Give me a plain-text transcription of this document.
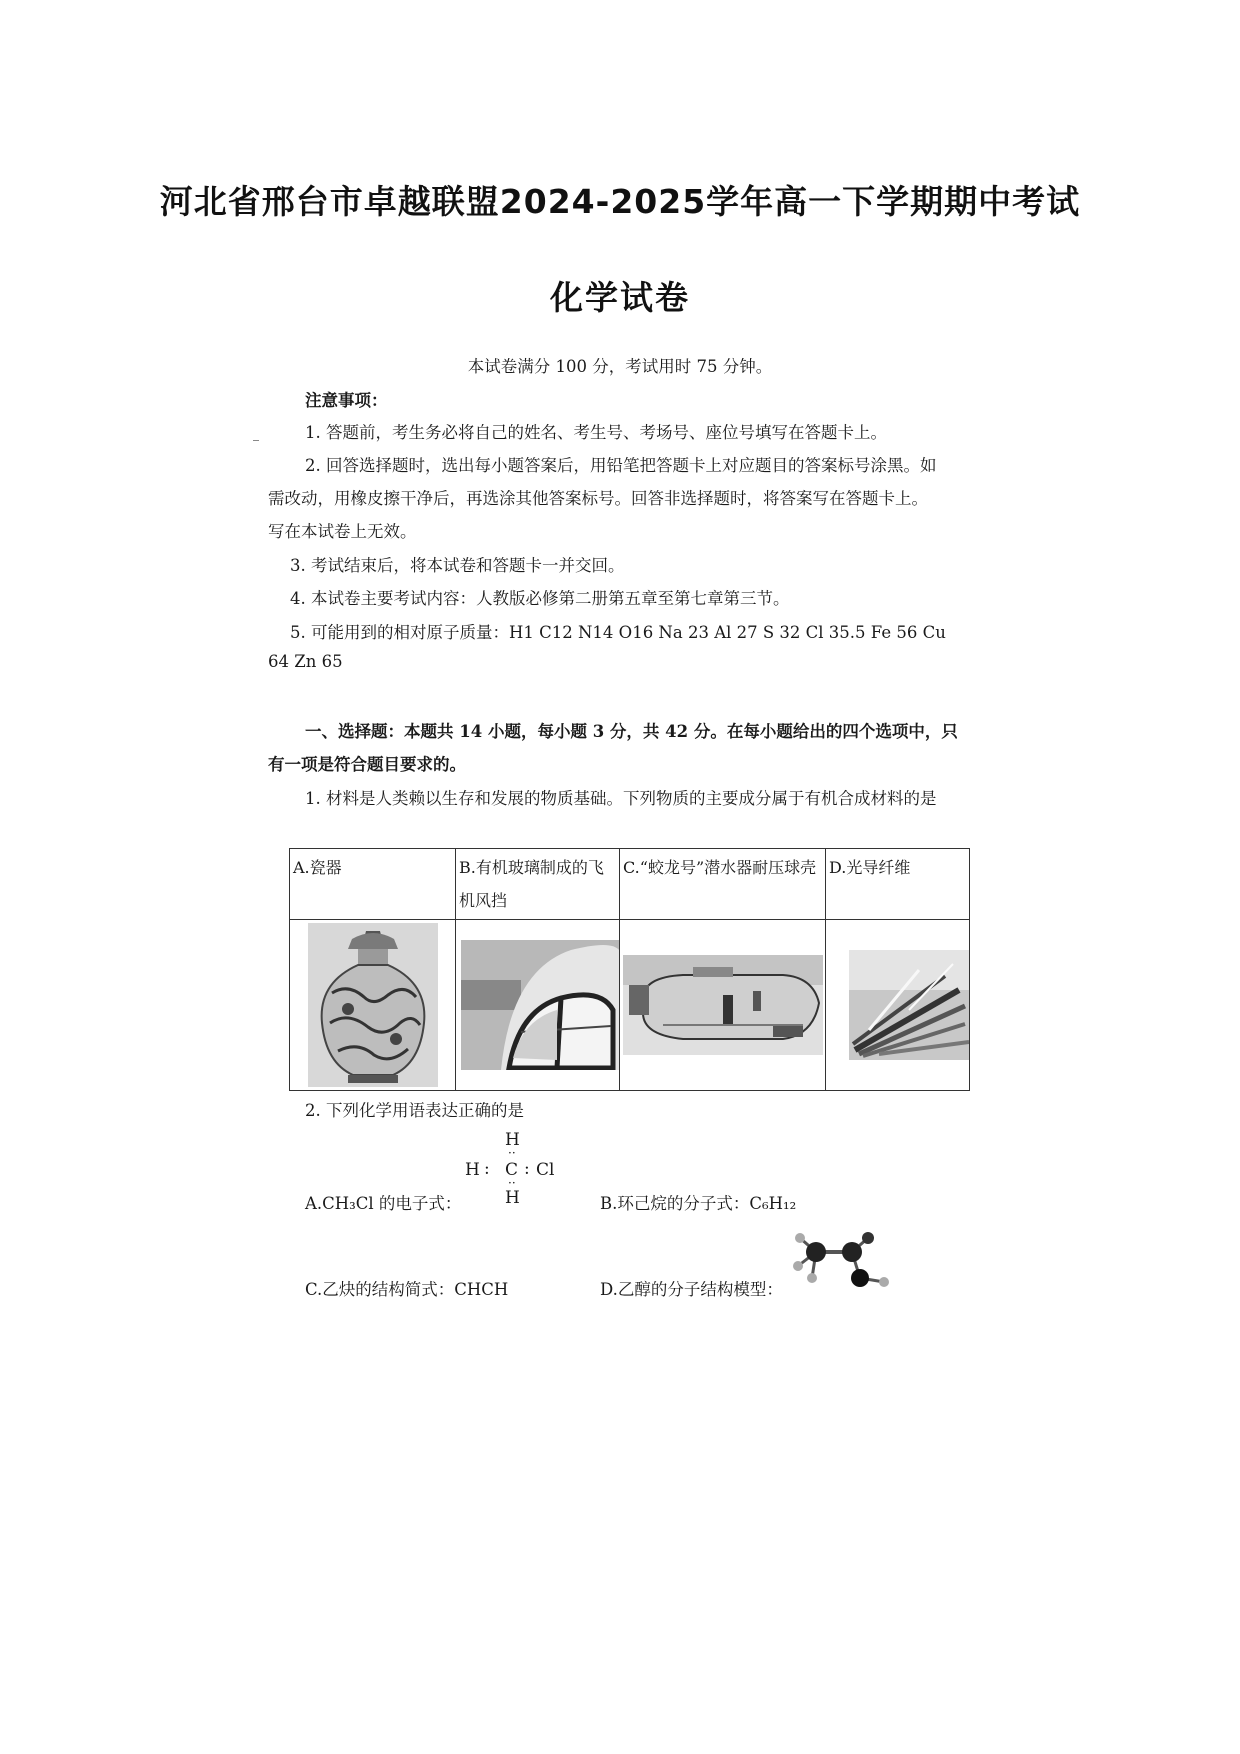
河北省邢台市卓越联盟2024-2025学年高一下学期期中考试
化学试卷
本试卷满分 100 分，考试用时 75 分钟。
注意事项：
1. 答题前，考生务必将自己的姓名、考生号、考场号、座位号填写在答题卡上。
2. 回答选择题时，选出每小题答案后，用铅笔把答题卡上对应题目的答案标号涂黑。如
需改动，用橡皮擦干净后，再选涂其他答案标号。回答非选择题时，将答案写在答题卡上。
写在本试卷上无效。
3. 考试结束后，将本试卷和答题卡一并交回。
4. 本试卷主要考试内容：人教版必修第二册第五章至第七章第三节。
5. 可能用到的相对原子质量：H1 C12 N14 O16 Na 23 Al 27 S 32 Cl 35.5 Fe 56 Cu
64 Zn 65
一、选择题：本题共 14 小题，每小题 3 分，共 42 分。在每小题给出的四个选项中，只
有一项是符合题目要求的。
1. 材料是人类赖以生存和发展的物质基础。下列物质的主要成分属于有机合成材料的是
A.瓷器	B.有机玻璃制成的飞机风挡	C.“蛟龙号”潜水器耐压球壳	D.光导纤维

2. 下列化学用语表达正确的是
A.CH₃Cl 的电子式：
H
··
H : C : Cl
··
H	B.环己烷的分子式：C₆H₁₂
C.乙炔的结构简式：CHCH	D.乙醇的分子结构模型：
